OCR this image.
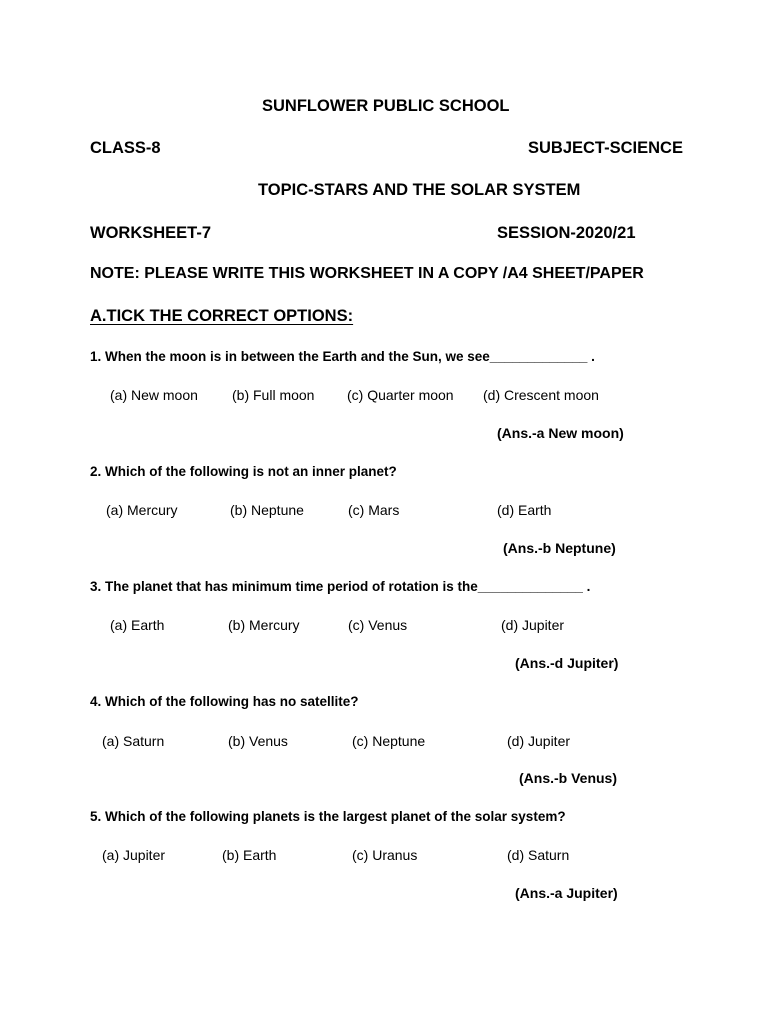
SUNFLOWER PUBLIC SCHOOL
CLASS-8	SUBJECT-SCIENCE
TOPIC-STARS AND THE SOLAR SYSTEM
WORKSHEET-7	SESSION-2020/21
NOTE: PLEASE WRITE THIS WORKSHEET IN A COPY /A4 SHEET/PAPER
A.TICK THE CORRECT OPTIONS:
1. When the moon is in between the Earth and the Sun, we see_____________ .
(a) New moon (b) Full moon (c) Quarter moon (d) Crescent moon
(Ans.-a New moon)
2. Which of the following is not an inner planet?
(a) Mercury	(b) Neptune	(c) Mars	(d) Earth
(Ans.-b Neptune)
3. The planet that has minimum time period of rotation is the______________ .
(a) Earth	(b) Mercury	(c) Venus	(d) Jupiter
(Ans.-d Jupiter)
4. Which of the following has no satellite?
(a) Saturn	(b) Venus	(c) Neptune	(d) Jupiter
(Ans.-b Venus)
5. Which of the following planets is the largest planet of the solar system?
(a) Jupiter	(b) Earth	(c) Uranus	(d) Saturn
(Ans.-a Jupiter)
